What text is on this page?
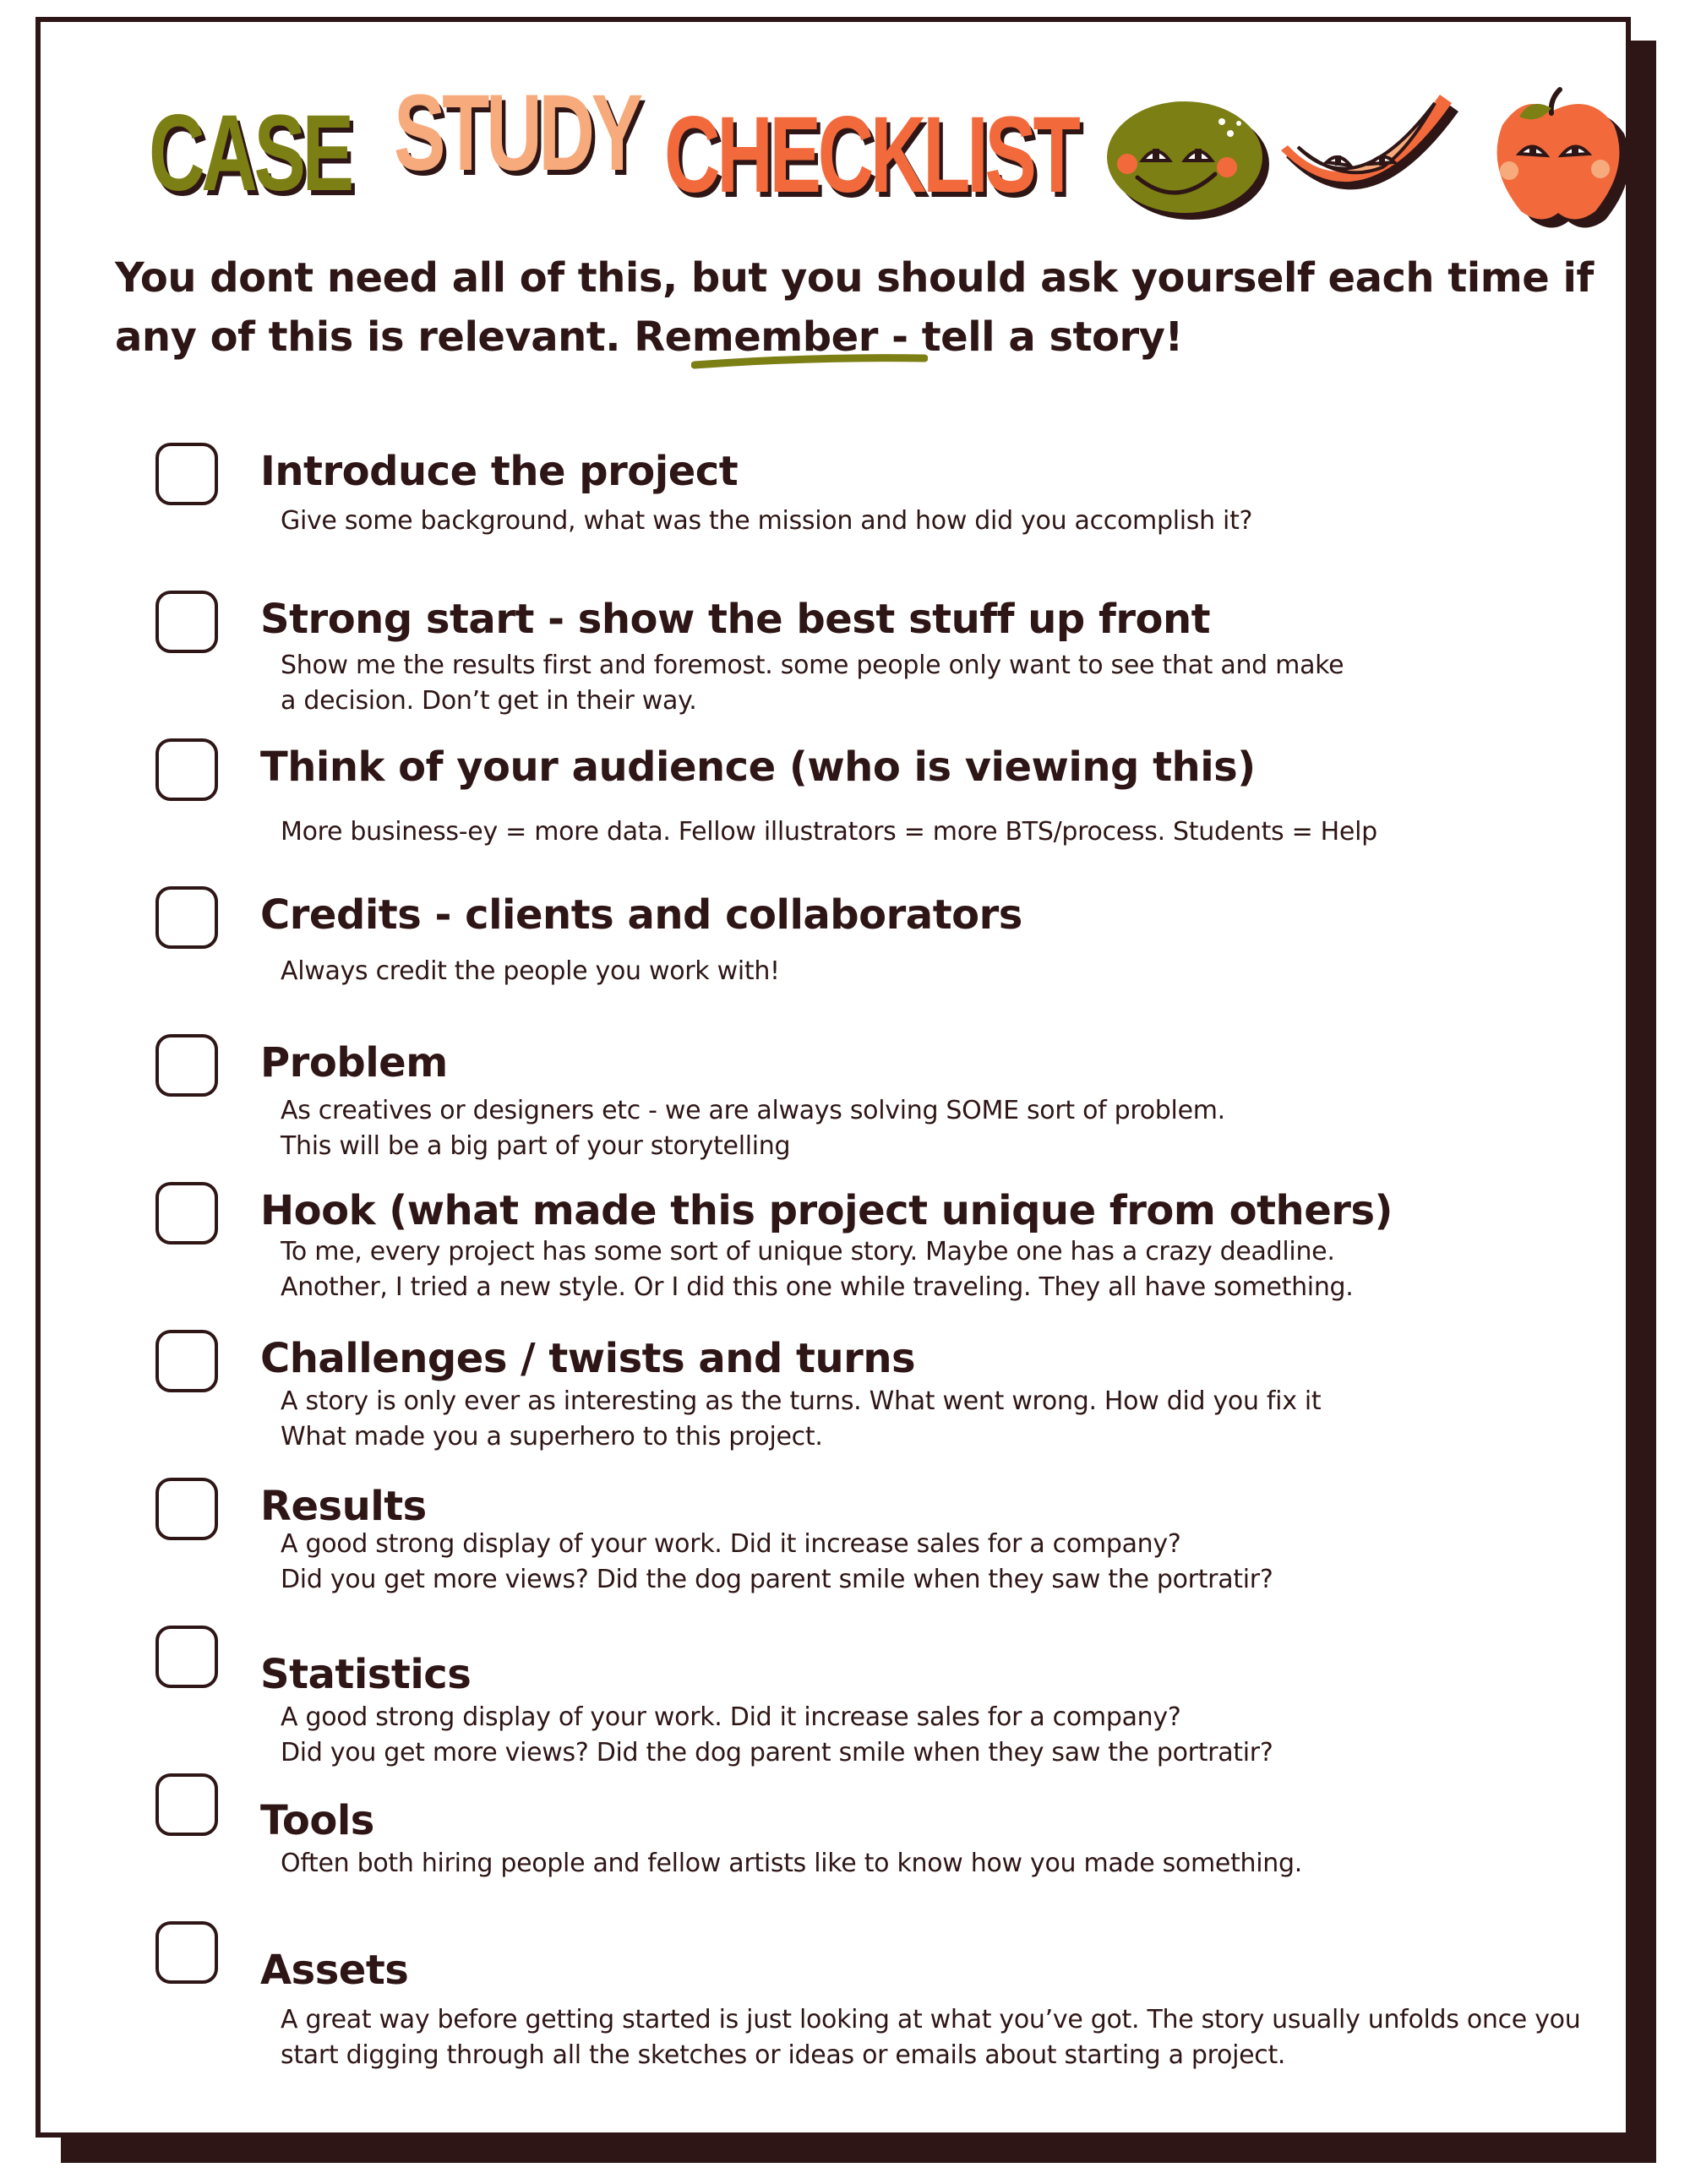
CASE STUDY CHECKLIST
You dont need all of this, but you should ask yourself each time if any of this is relevant. Remember - tell a story!
Introduce the project
Give some background, what was the mission and how did you accomplish it?
Strong start - show the best stuff up front
Show me the results first and foremost. some people only want to see that and make
a decision. Don’t get in their way.
Think of your audience (who is viewing this)
More business-ey = more data. Fellow illustrators = more BTS/process. Students = Help
Credits - clients and collaborators
Always credit the people you work with!
Problem
As creatives or designers etc - we are always solving SOME sort of problem.
This will be a big part of your storytelling
Hook (what made this project unique from others)
To me, every project has some sort of unique story. Maybe one has a crazy deadline.
Another, I tried a new style. Or I did this one while traveling. They all have something.
Challenges / twists and turns
A story is only ever as interesting as the turns. What went wrong. How did you fix it
What made you a superhero to this project.
Results
A good strong display of your work. Did it increase sales for a company?
Did you get more views? Did the dog parent smile when they saw the portratir?
Statistics
A good strong display of your work. Did it increase sales for a company?
Did you get more views? Did the dog parent smile when they saw the portratir?
Tools
Often both hiring people and fellow artists like to know how you made something.
Assets
A great way before getting started is just looking at what you’ve got. The story usually unfolds once you
start digging through all the sketches or ideas or emails about starting a project.
